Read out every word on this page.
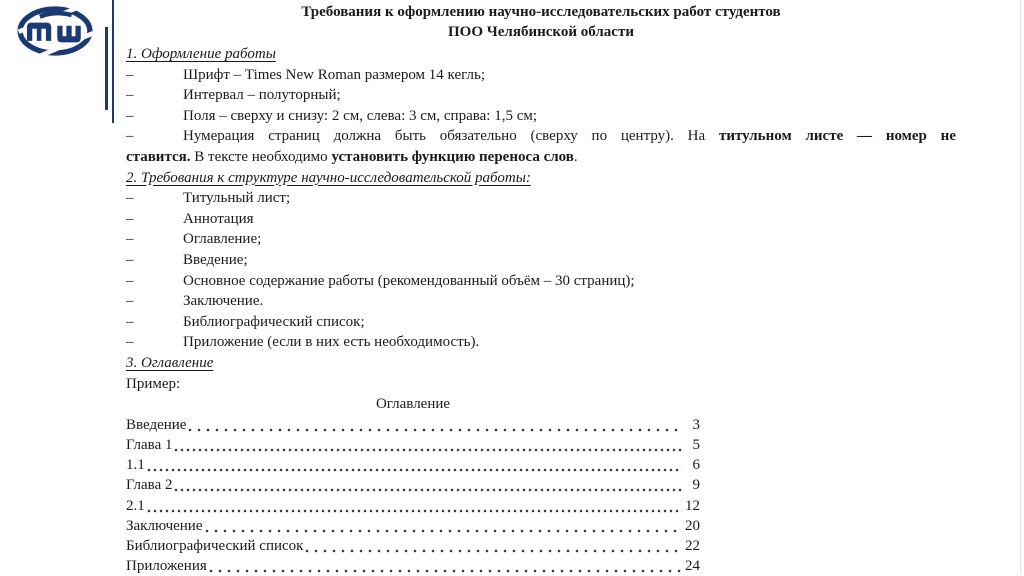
Требования к оформлению научно-исследовательских работ студентов
ПОО Челябинской области
1. Оформление работы
–	Шрифт – Times New Roman размером 14 кегль;
–	Интервал – полуторный;
–	Поля – сверху и снизу: 2 см, слева: 3 см, справа: 1,5 см;
–	Нумерация страниц должна быть обязательно (сверху по центру). На титульном листе — номер не
ставится. В тексте необходимо установить функцию переноса слов.
2. Требования к структуре научно-исследовательской работы:
–	Титульный лист;
–	Аннотация
–	Оглавление;
–	Введение;
–	Основное содержание работы (рекомендованный объём – 30 страниц);
–	Заключение.
–	Библиографический список;
–	Приложение (если в них есть необходимость).
3. Оглавление
Пример:
Оглавление
Введение	3
Глава 1	5
1.1	6
Глава 2	9
2.1	12
Заключение	20
Библиографический список	22
Приложения	24
